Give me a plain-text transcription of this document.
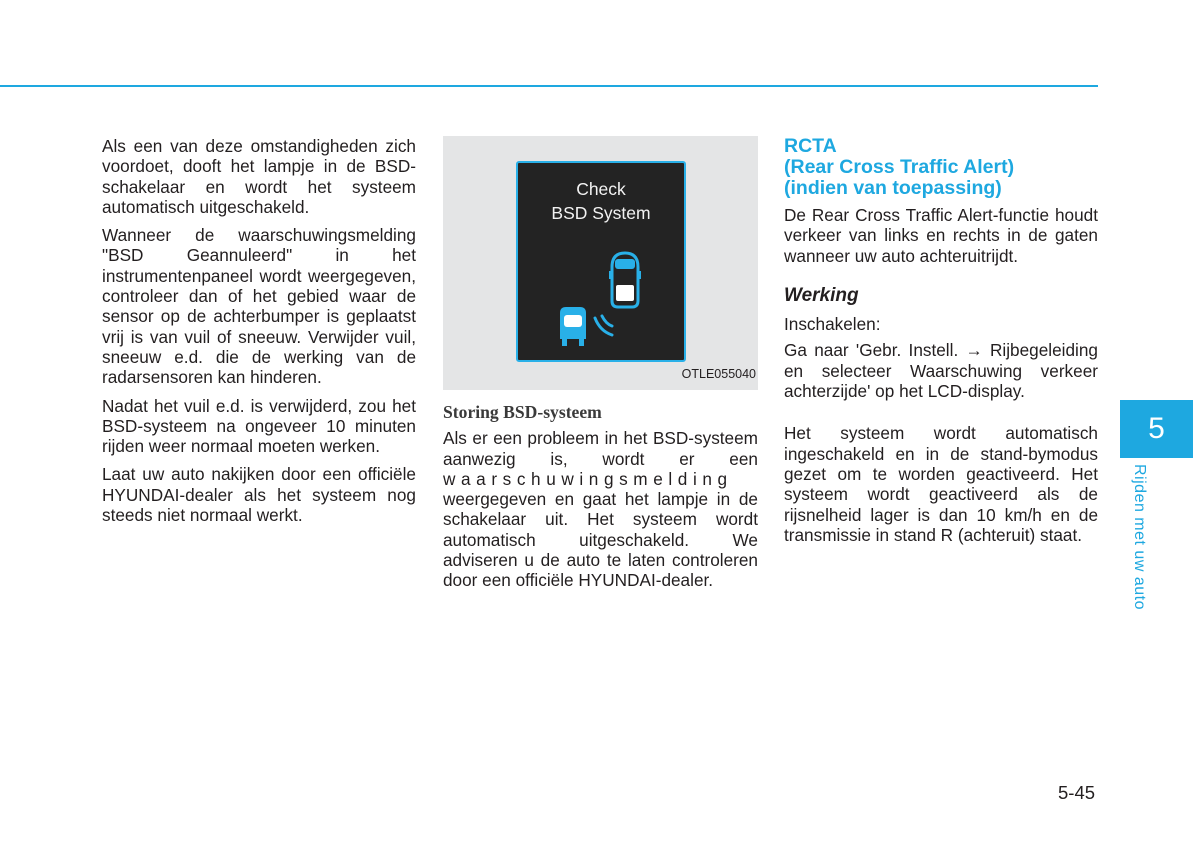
Als een van deze omstandigheden zich voordoet, dooft het lampje in de BSD-schakelaar en wordt het systeem automatisch uitgeschakeld.

Wanneer de waarschuwingsmelding "BSD Geannuleerd" in het instrumentenpaneel wordt weergegeven, controleer dan of het gebied waar de sensor op de achterbumper is geplaatst vrij is van vuil of sneeuw. Verwijder vuil, sneeuw e.d. die de werking van de radarsensoren kan hinderen.

Nadat het vuil e.d. is verwijderd, zou het BSD-systeem na ongeveer 10 minuten rijden weer normaal moeten werken.

Laat uw auto nakijken door een officiële HYUNDAI-dealer als het systeem nog steeds niet normaal werkt.

Check
BSD System
OTLE055040
Storing BSD-systeem

Als er een probleem in het BSD-systeem aanwezig is, wordt er een waarschuwingsmelding weergegeven en gaat het lampje in de schakelaar uit. Het systeem wordt automatisch uitgeschakeld. We adviseren u de auto te laten controleren door een officiële HYUNDAI-dealer.

RCTA
(Rear Cross Traffic Alert)
(indien van toepassing)

De Rear Cross Traffic Alert-functie houdt verkeer van links en rechts in de gaten wanneer uw auto achteruitrijdt.

Werking

Inschakelen:

Ga naar 'Gebr. Instell. → Rijbegeleiding en selecteer Waarschuwing verkeer achterzijde' op het LCD-display.

Het systeem wordt automatisch ingeschakeld en in de stand-bymodus gezet om te worden geactiveerd. Het systeem wordt geactiveerd als de rijsnelheid lager is dan 10 km/h en de transmissie in stand R (achteruit) staat.

5
Rijden met uw auto
5-45
